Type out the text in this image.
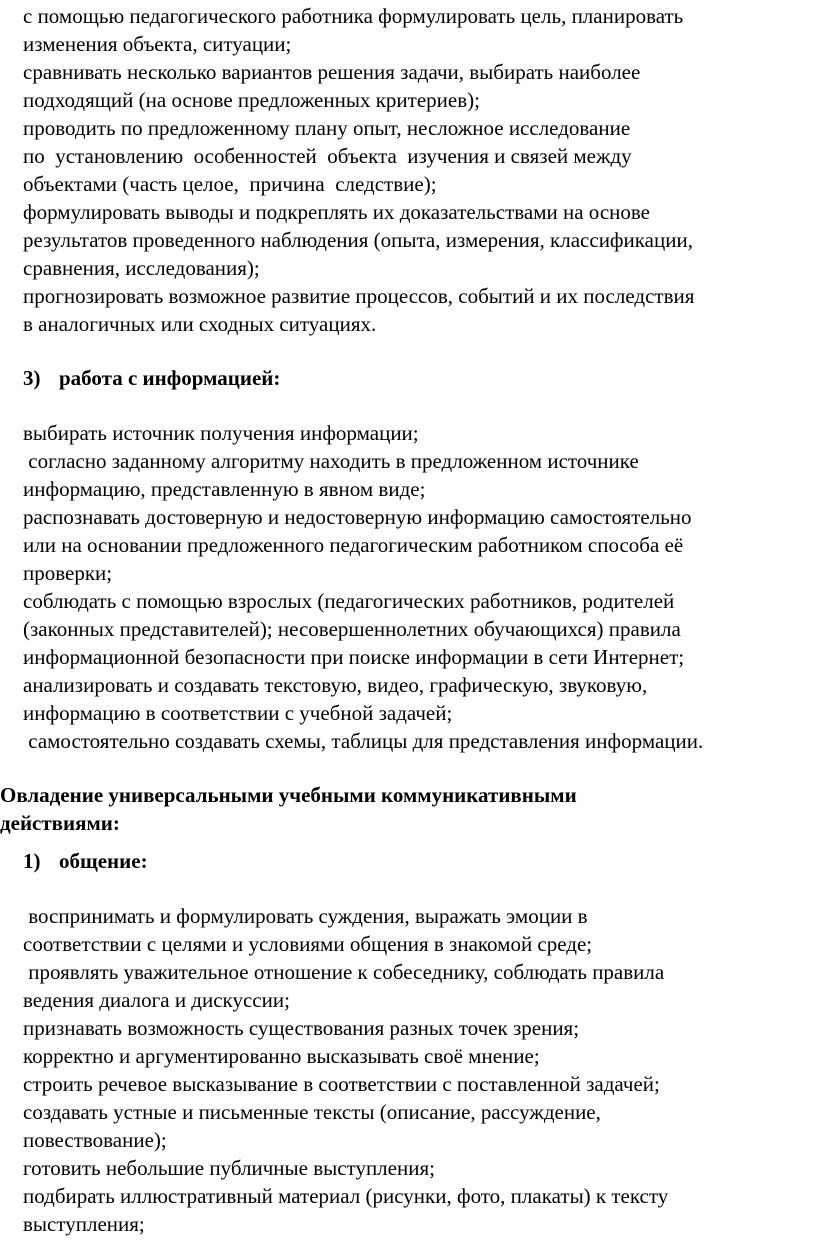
с помощью педагогического работника формулировать цель, планировать

изменения объекта, ситуации;

сравнивать несколько вариантов решения задачи, выбирать наиболее

подходящий (на основе предложенных критериев);

проводить по предложенному плану опыт, несложное исследование

по  установлению  особенностей  объекта  изучения и связей между

объектами (часть целое,  причина  следствие);

формулировать выводы и подкреплять их доказательствами на основе

результатов проведенного наблюдения (опыта, измерения, классификации,

сравнения, исследования);

прогнозировать возможное развитие процессов, событий и их последствия

в аналогичных или сходных ситуациях.

3) работа с информацией:

выбирать источник получения информации;

согласно заданному алгоритму находить в предложенном источнике

информацию, представленную в явном виде;

распознавать достоверную и недостоверную информацию самостоятельно

или на основании предложенного педагогическим работником способа её

проверки;

соблюдать с помощью взрослых (педагогических работников, родителей

(законных представителей); несовершеннолетних обучающихся) правила

информационной безопасности при поиске информации в сети Интернет;

анализировать и создавать текстовую, видео, графическую, звуковую,

информацию в соответствии с учебной задачей;

самостоятельно создавать схемы, таблицы для представления информации.

Овладение универсальными учебными коммуникативными

действиями:

1) общение:

воспринимать и формулировать суждения, выражать эмоции в

соответствии с целями и условиями общения в знакомой среде;

проявлять уважительное отношение к собеседнику, соблюдать правила

ведения диалога и дискуссии;

признавать возможность существования разных точек зрения;

корректно и аргументированно высказывать своё мнение;

строить речевое высказывание в соответствии с поставленной задачей;

создавать устные и письменные тексты (описание, рассуждение,

повествование);

готовить небольшие публичные выступления;

подбирать иллюстративный материал (рисунки, фото, плакаты) к тексту

выступления;
